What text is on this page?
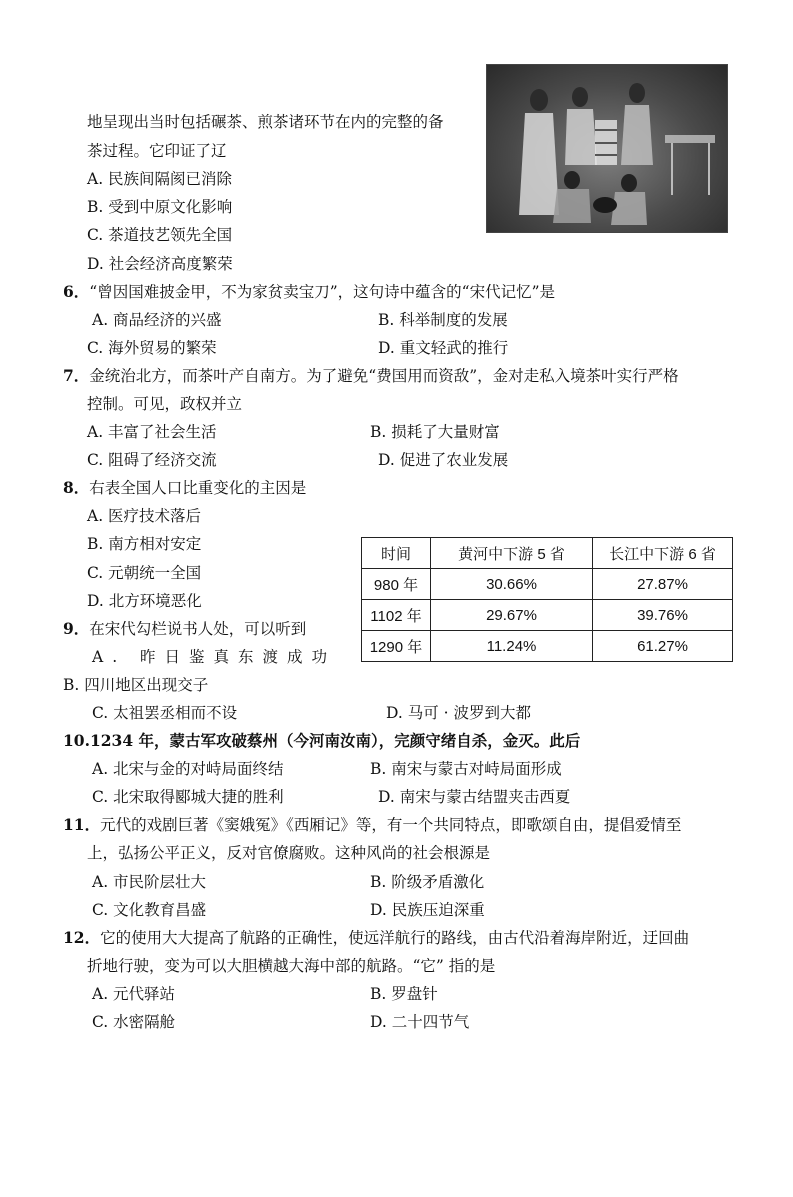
地呈现出当时包括碾茶、煎茶诸环节在内的完整的备
茶过程。它印证了辽
A. 民族间隔阂已消除
B. 受到中原文化影响
C. 茶道技艺领先全国
D. 社会经济高度繁荣
6．“曾因国难披金甲，不为家贫卖宝刀”，这句诗中蕴含的“宋代记忆”是
A. 商品经济的兴盛	B. 科举制度的发展
C. 海外贸易的繁荣	D. 重文轻武的推行
7．金统治北方，而茶叶产自南方。为了避免“费国用而资敌”，金对走私入境茶叶实行严格
控制。可见，政权并立
A. 丰富了社会生活	B. 损耗了大量财富
C. 阻碍了经济交流	D. 促进了农业发展
8．右表全国人口比重变化的主因是
A. 医疗技术落后
B. 南方相对安定
C. 元朝统一全国
D. 北方环境恶化
时间	黄河中下游 5 省	长江中下游 6 省
980 年	30.66%	27.87%
1102 年	29.67%	39.76%
1290 年	11.24%	61.27%
9．在宋代勾栏说书人处，可以听到
A. 昨日鉴真东渡成功
B. 四川地区出现交子
C. 太祖罢丞相而不设	D. 马可 · 波罗到大都
10.1234 年，蒙古军攻破蔡州（今河南汝南），完颜守绪自杀，金灭。此后
A. 北宋与金的对峙局面终结	B. 南宋与蒙古对峙局面形成
C. 北宋取得郾城大捷的胜利	D. 南宋与蒙古结盟夹击西夏
11．元代的戏剧巨著《窦娥冤》《西厢记》等，有一个共同特点，即歌颂自由，提倡爱情至
上，弘扬公平正义，反对官僚腐败。这种风尚的社会根源是
A. 市民阶层壮大	B. 阶级矛盾激化
C. 文化教育昌盛	D. 民族压迫深重
12．它的使用大大提高了航路的正确性，使远洋航行的路线，由古代沿着海岸附近，迂回曲
折地行驶，变为可以大胆横越大海中部的航路。“它” 指的是
A. 元代驿站	B. 罗盘针
C. 水密隔舱	D. 二十四节气
